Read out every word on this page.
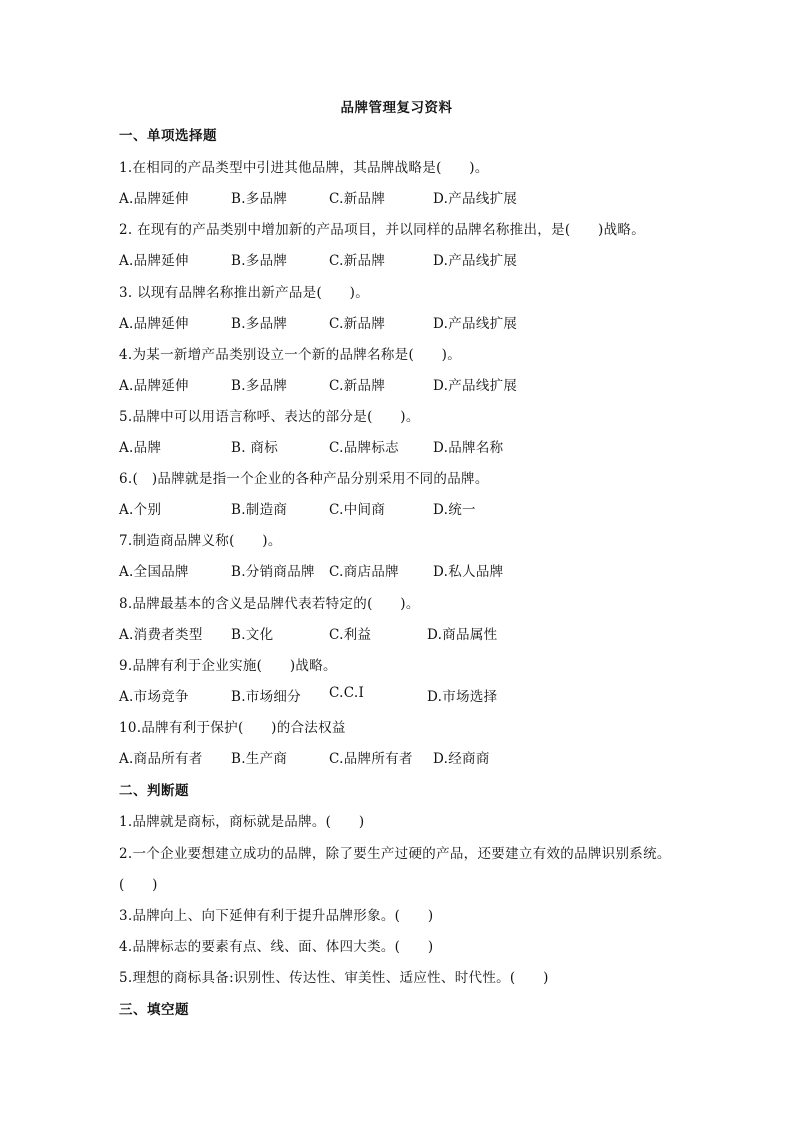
品牌管理复习资料
一、单项选择题
1.在相同的产品类型中引进其他品牌，其品牌战略是(　　)。
A.品牌延伸	B.多品牌	C.新品牌	D.产品线扩展
2. 在现有的产品类别中增加新的产品项目，并以同样的品牌名称推出，是(　　)战略。
A.品牌延伸	B.多品牌	C.新品牌	D.产品线扩展
3. 以现有品牌名称推出新产品是(　　)。
A.品牌延伸	B.多品牌	C.新品牌	D.产品线扩展
4.为某一新增产品类别设立一个新的品牌名称是(　　)。
A.品牌延伸	B.多品牌	C.新品牌	D.产品线扩展
5.品牌中可以用语言称呼、表达的部分是(　　)。
A.品牌	B. 商标	C.品牌标志	D.品牌名称
6.(　)品牌就是指一个企业的各种产品分别采用不同的品牌。
A.个别	B.制造商	C.中间商	D.统一
7.制造商品牌义称(　　)。
A.全国品牌	B.分销商品牌 C.商店品牌	D.私人品牌
8.品牌最基本的含义是品牌代表若特定的(　　)。
A.消费者类型 B.文化	C.利益	D.商品属性
9.品牌有利于企业实施(　　)战略。
A.市场竞争	B.市场细分 C.C.I	D.市场选择
10.品牌有利于保护(　　)的合法权益
A.商品所有者 B.生产商	C.品牌所有者 D.经商商
二、判断题
1.品牌就是商标，商标就是品牌。(　　)
2.一个企业要想建立成功的品牌，除了要生产过硬的产品，还要建立有效的品牌识别系统。
(　　)
3.品牌向上、向下延伸有利于提升品牌形象。(　　)
4.品牌标志的要素有点、线、面、体四大类。(　　)
5.理想的商标具备:识别性、传达性、审美性、适应性、时代性。(　　)
三、填空题
